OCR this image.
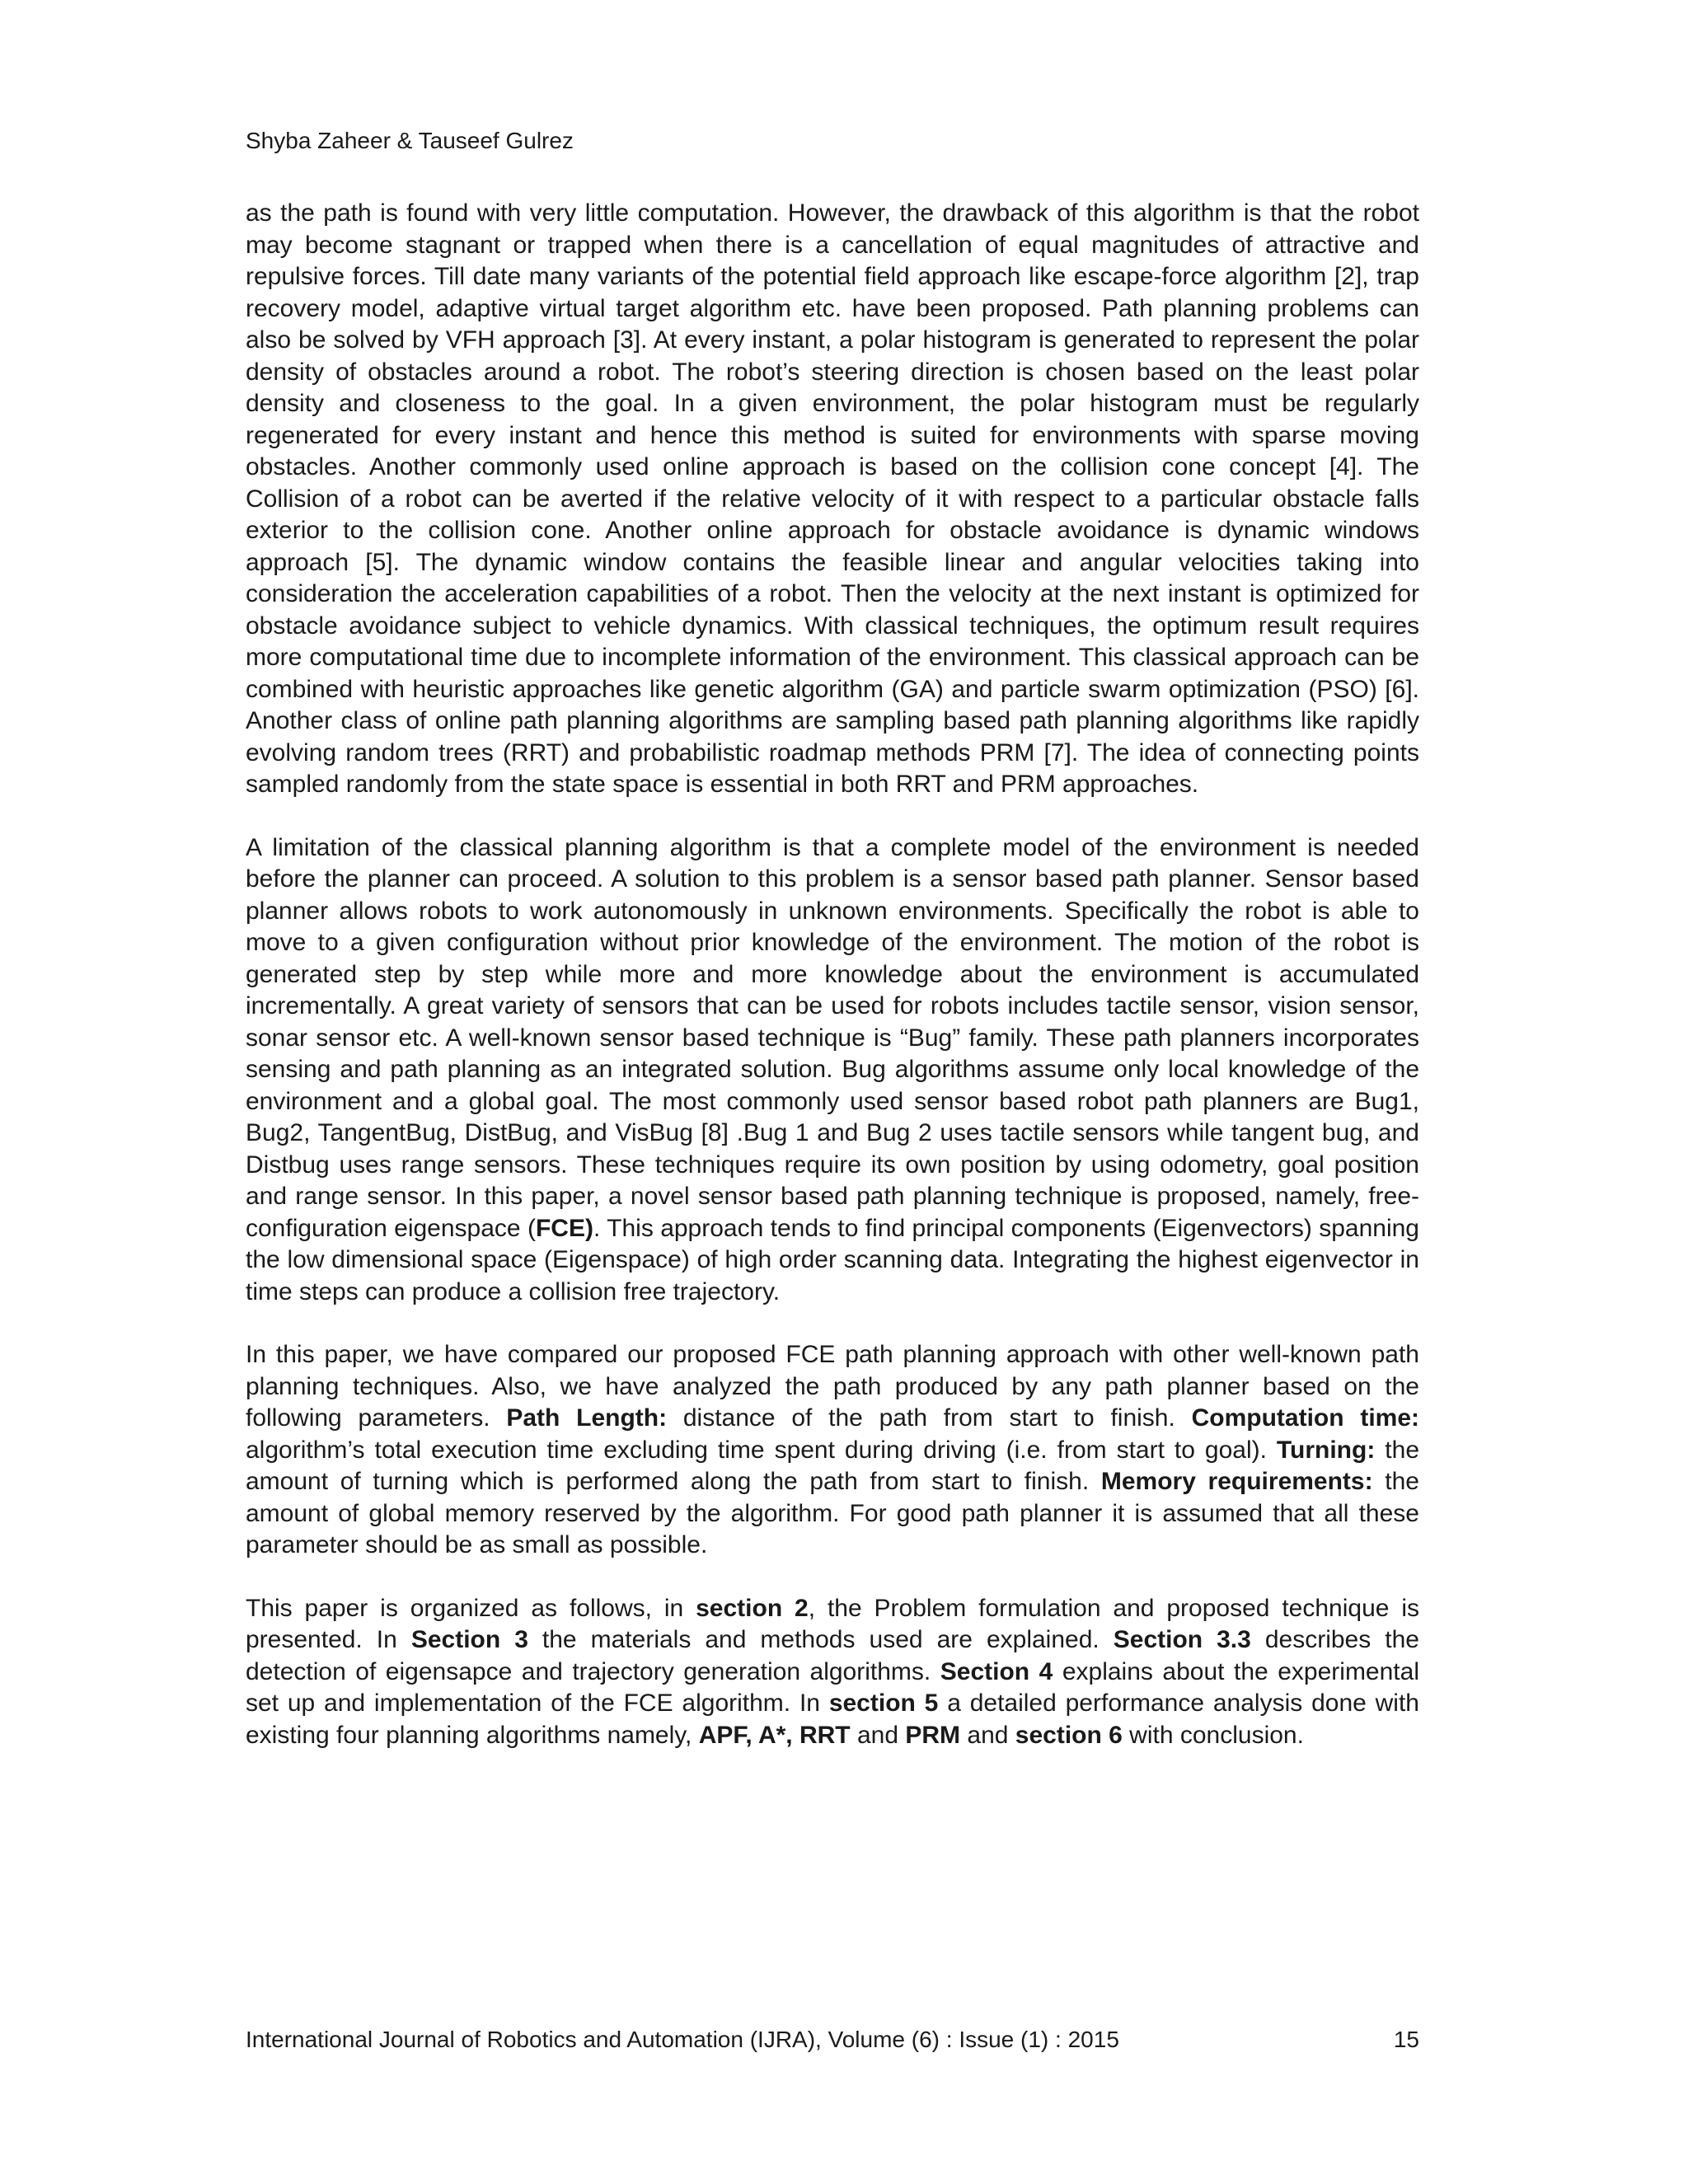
Shyba Zaheer & Tauseef Gulrez

as the path is found with very little computation. However, the drawback of this algorithm is that the robot may become stagnant or trapped when there is a cancellation of equal magnitudes of attractive and repulsive forces. Till date many variants of the potential field approach like escape-force algorithm [2], trap recovery model, adaptive virtual target algorithm etc. have been proposed. Path planning problems can also be solved by VFH approach [3]. At every instant, a polar histogram is generated to represent the polar density of obstacles around a robot. The robot’s steering direction is chosen based on the least polar density and closeness to the goal. In a given environment, the polar histogram must be regularly regenerated for every instant and hence this method is suited for environments with sparse moving obstacles. Another commonly used online approach is based on the collision cone concept [4]. The Collision of a robot can be averted if the relative velocity of it with respect to a particular obstacle falls exterior to the collision cone. Another online approach for obstacle avoidance is dynamic windows approach [5]. The dynamic window contains the feasible linear and angular velocities taking into consideration the acceleration capabilities of a robot. Then the velocity at the next instant is optimized for obstacle avoidance subject to vehicle dynamics. With classical techniques, the optimum result requires more computational time due to incomplete information of the environment. This classical approach can be combined with heuristic approaches like genetic algorithm (GA) and particle swarm optimization (PSO) [6]. Another class of online path planning algorithms are sampling based path planning algorithms like rapidly evolving random trees (RRT) and probabilistic roadmap methods PRM [7]. The idea of connecting points sampled randomly from the state space is essential in both RRT and PRM approaches.

A limitation of the classical planning algorithm is that a complete model of the environment is needed before the planner can proceed. A solution to this problem is a sensor based path planner. Sensor based planner allows robots to work autonomously in unknown environments. Specifically the robot is able to move to a given configuration without prior knowledge of the environment. The motion of the robot is generated step by step while more and more knowledge about the environment is accumulated incrementally. A great variety of sensors that can be used for robots includes tactile sensor, vision sensor, sonar sensor etc. A well-known sensor based technique is “Bug” family. These path planners incorporates sensing and path planning as an integrated solution. Bug algorithms assume only local knowledge of the environment and a global goal. The most commonly used sensor based robot path planners are Bug1, Bug2, TangentBug, DistBug, and VisBug [8] .Bug 1 and Bug 2 uses tactile sensors while tangent bug, and Distbug uses range sensors. These techniques require its own position by using odometry, goal position and range sensor. In this paper, a novel sensor based path planning technique is proposed, namely, free-configuration eigenspace (FCE). This approach tends to find principal components (Eigenvectors) spanning the low dimensional space (Eigenspace) of high order scanning data. Integrating the highest eigenvector in time steps can produce a collision free trajectory.

In this paper, we have compared our proposed FCE path planning approach with other well-known path planning techniques. Also, we have analyzed the path produced by any path planner based on the following parameters. Path Length: distance of the path from start to finish. Computation time: algorithm’s total execution time excluding time spent during driving (i.e. from start to goal). Turning: the amount of turning which is performed along the path from start to finish. Memory requirements: the amount of global memory reserved by the algorithm. For good path planner it is assumed that all these parameter should be as small as possible.

This paper is organized as follows, in section 2, the Problem formulation and proposed technique is presented. In Section 3 the materials and methods used are explained. Section 3.3 describes the detection of eigensapce and trajectory generation algorithms. Section 4 explains about the experimental set up and implementation of the FCE algorithm. In section 5 a detailed performance analysis done with existing four planning algorithms namely, APF, A*, RRT and PRM and section 6 with conclusion.

International Journal of Robotics and Automation (IJRA), Volume (6) : Issue (1) : 2015	15
